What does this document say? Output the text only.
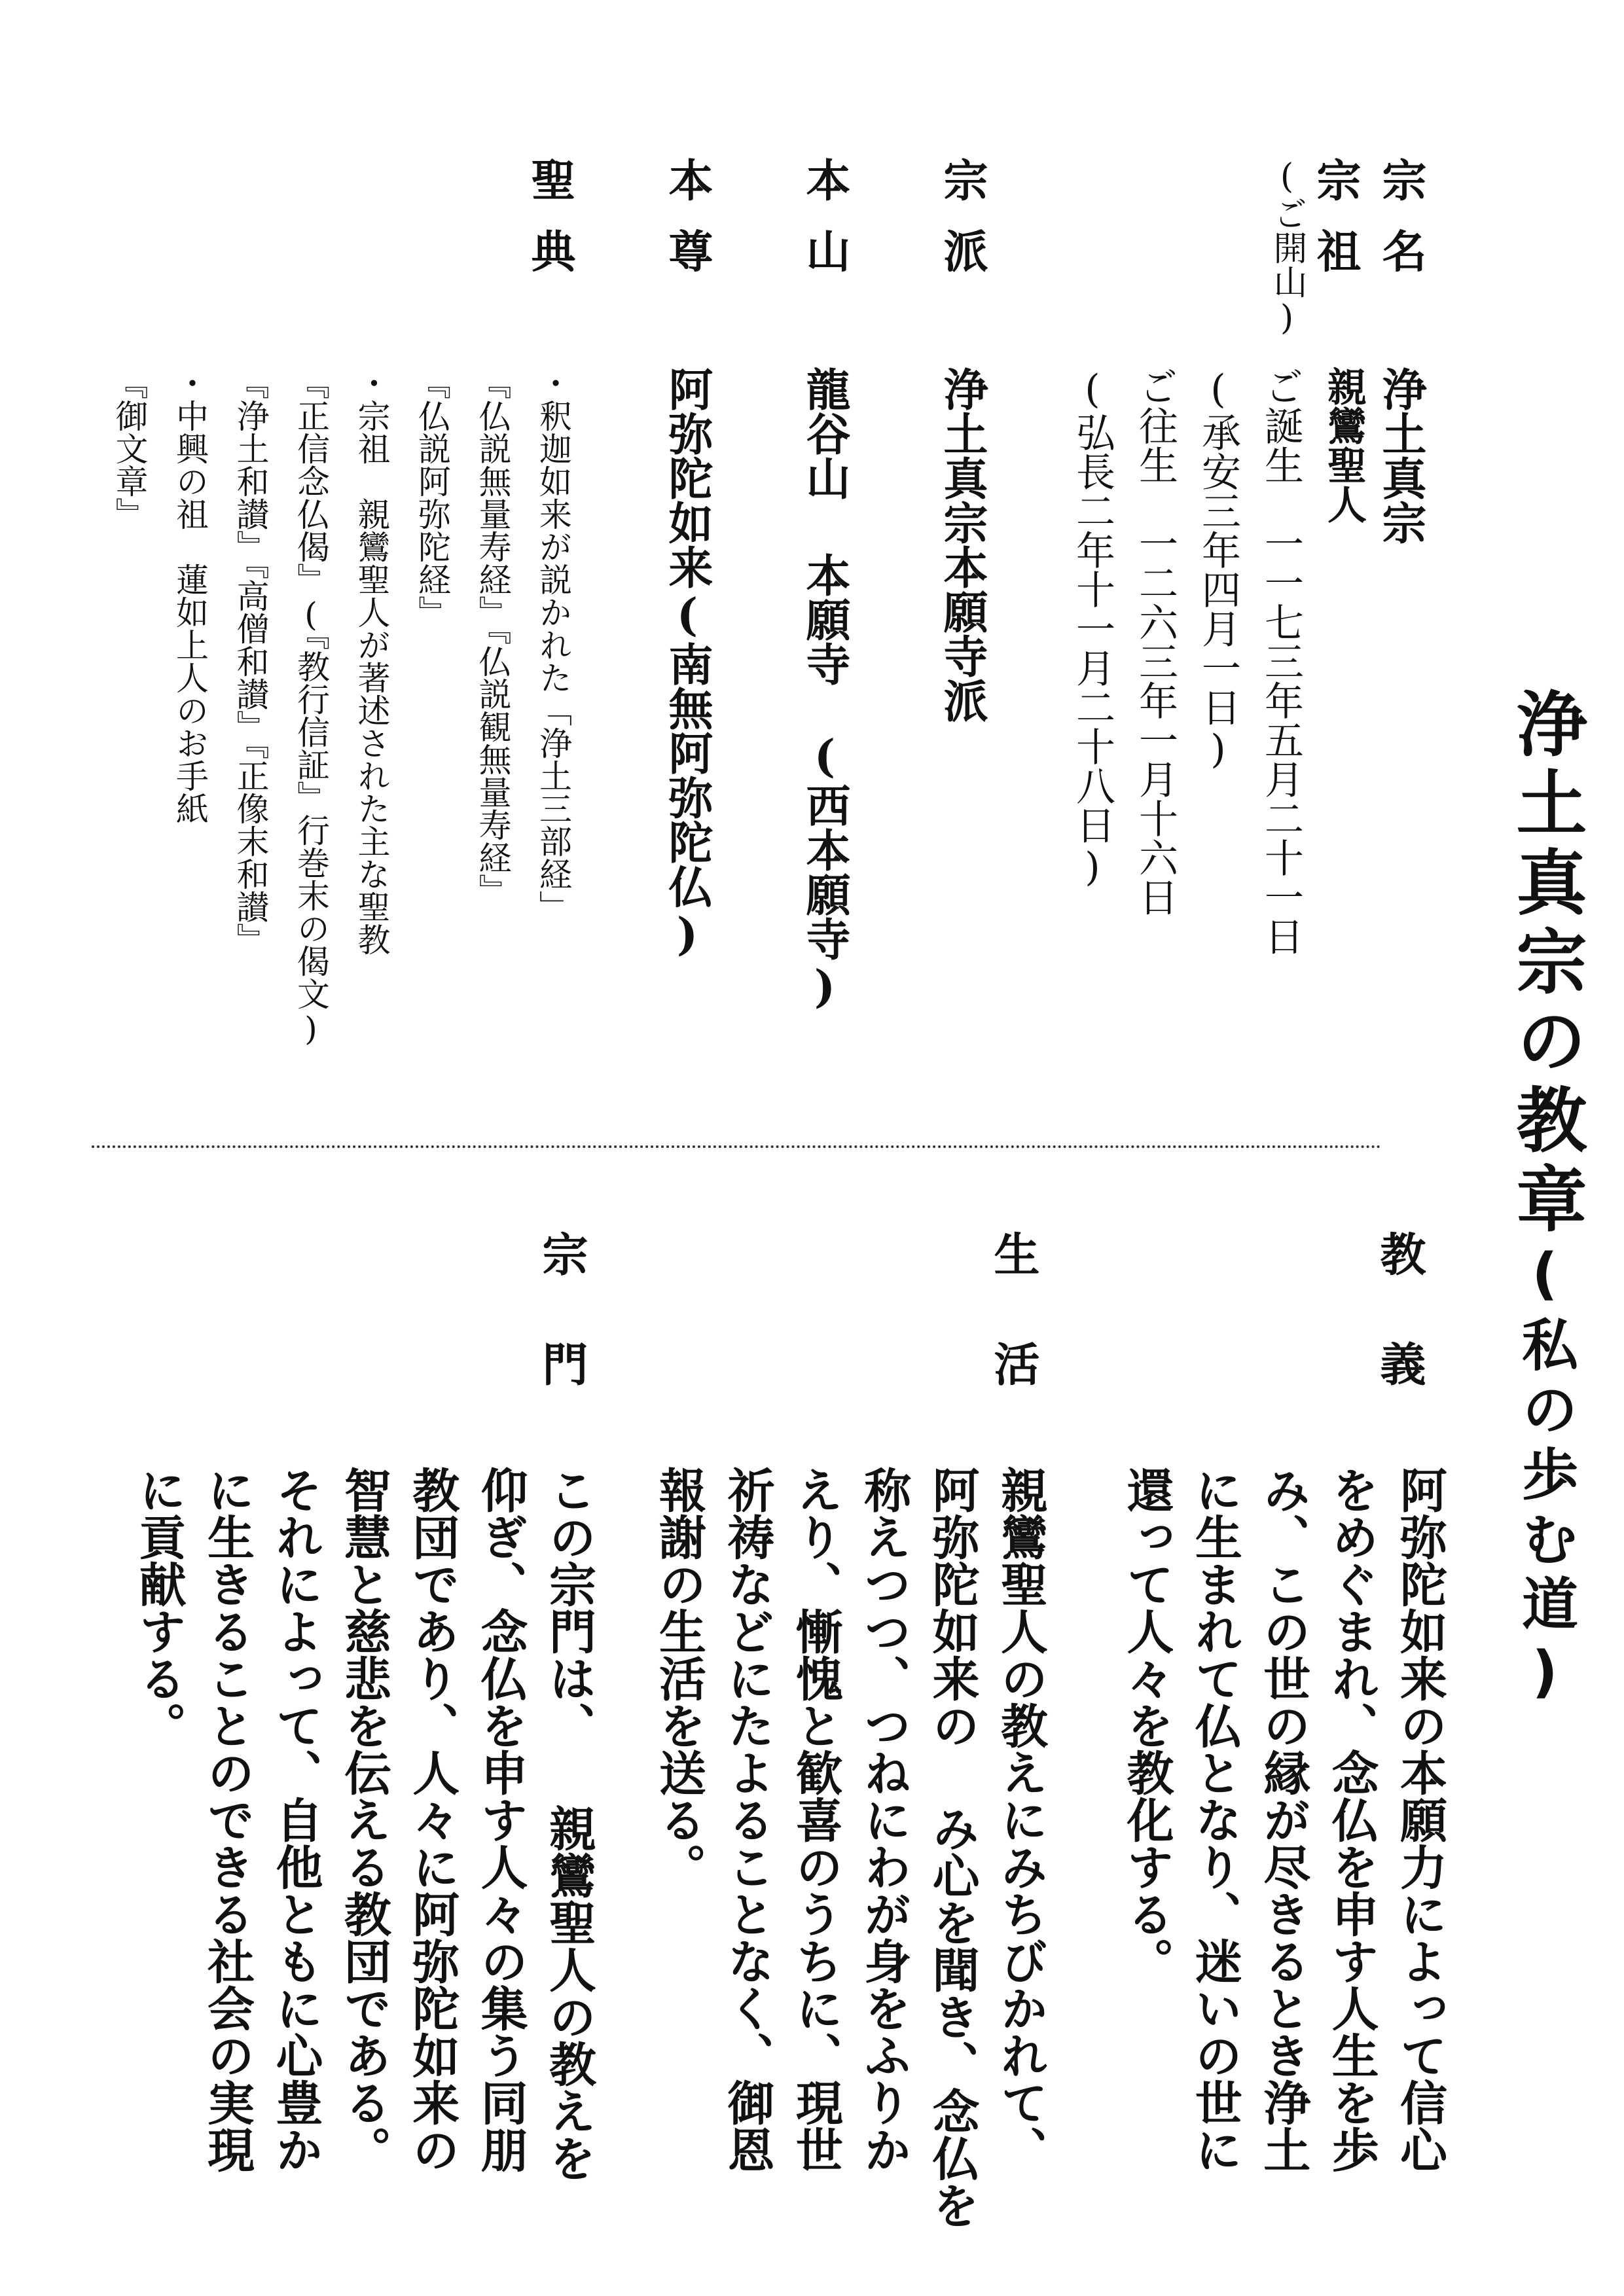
浄土真宗の教章(私の歩む道)
宗名
宗祖
(ご開山)
宗派
本山
本尊
聖典
浄土真宗
親鸞聖人
ご誕生　一一七三年五月二十一日
(承安三年四月一日)
ご往生　一二六三年一月十六日
(弘長二年十一月二十八日)
浄土真宗本願寺派
龍谷山 本願寺　(西本願寺)
阿弥陀如来(南無阿弥陀仏)
・釈迦如来が説かれた「浄土三部経」
『仏説無量寿経』『仏説観無量寿経』
『仏説阿弥陀経』
・宗祖　親鸞聖人が著述された主な聖教
『正信念仏偈』(『教行信証』行巻末の偈文)
『浄土和讃』『高僧和讃』『正像末和讃』
・中興の祖　蓮如上人のお手紙
『御文章』
教義
生活
宗門
阿弥陀如来の本願力によって信心
をめぐまれ、念仏を申す人生を歩
み、この世の縁が尽きるとき浄土
に生まれて仏となり、迷いの世に
還って人々を教化する。
親鸞聖人の教えにみちびかれて、
阿弥陀如来の み心を聞き、念仏を
称えつつ、つねにわが身をふりか
えり、慚愧と歓喜のうちに、現世
祈祷などにたよることなく、御恩
報謝の生活を送る。
この宗門は、 親鸞聖人の教えを
仰ぎ、念仏を申す人々の集う同朋
教団であり、人々に阿弥陀如来の
智慧と慈悲を伝える教団である。
それによって、自他ともに心豊か
に生きることのできる社会の実現
に貢献する。
